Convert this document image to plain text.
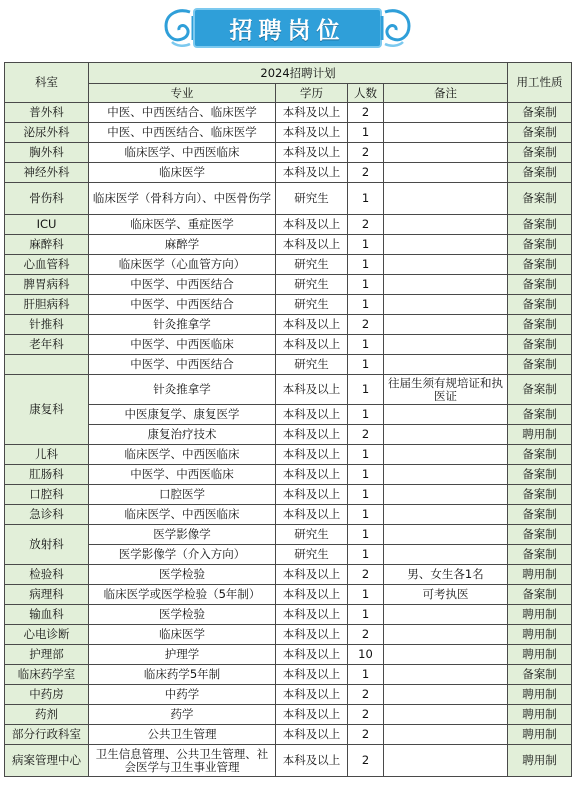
招聘岗位
科室	2024招聘计划				用工性质
	专业	学历	人数	备注	
普外科	中医、中西医结合、临床医学	本科及以上	2		备案制
泌尿外科	中医、中西医结合、临床医学	本科及以上	1		备案制
胸外科	临床医学、中西医临床	本科及以上	2		备案制
神经外科	临床医学	本科及以上	2		备案制
骨伤科	临床医学（骨科方向）、中医骨伤学	研究生	1		备案制
ICU	临床医学、重症医学	本科及以上	2		备案制
麻醉科	麻醉学	本科及以上	1		备案制
心血管科	临床医学（心血管方向）	研究生	1		备案制
脾胃病科	中医学、中西医结合	研究生	1		备案制
肝胆病科	中医学、中西医结合	研究生	1		备案制
针推科	针灸推拿学	本科及以上	2		备案制
老年科	中医学、中西医临床	本科及以上	1		备案制
	中医学、中西医结合	研究生	1		备案制
康复科	针灸推拿学	本科及以上	1	往届生须有规培证和执医证	备案制
	中医康复学、康复医学	本科及以上	1		备案制
	康复治疗技术	本科及以上	2		聘用制
儿科	临床医学、中西医临床	本科及以上	1		备案制
肛肠科	中医学、中西医临床	本科及以上	1		备案制
口腔科	口腔医学	本科及以上	1		备案制
急诊科	临床医学、中西医临床	本科及以上	1		备案制
放射科	医学影像学	研究生	1		备案制
	医学影像学（介入方向）	研究生	1		备案制
检验科	医学检验	本科及以上	2	男、女生各1名	聘用制
病理科	临床医学或医学检验（5年制）	本科及以上	1	可考执医	备案制
输血科	医学检验	本科及以上	1		聘用制
心电诊断	临床医学	本科及以上	2		聘用制
护理部	护理学	本科及以上	10		聘用制
临床药学室	临床药学5年制	本科及以上	1		备案制
中药房	中药学	本科及以上	2		聘用制
药剂	药学	本科及以上	2		聘用制
部分行政科室	公共卫生管理	本科及以上	2		聘用制
病案管理中心	卫生信息管理、公共卫生管理、社会医学与卫生事业管理	本科及以上	2		聘用制
